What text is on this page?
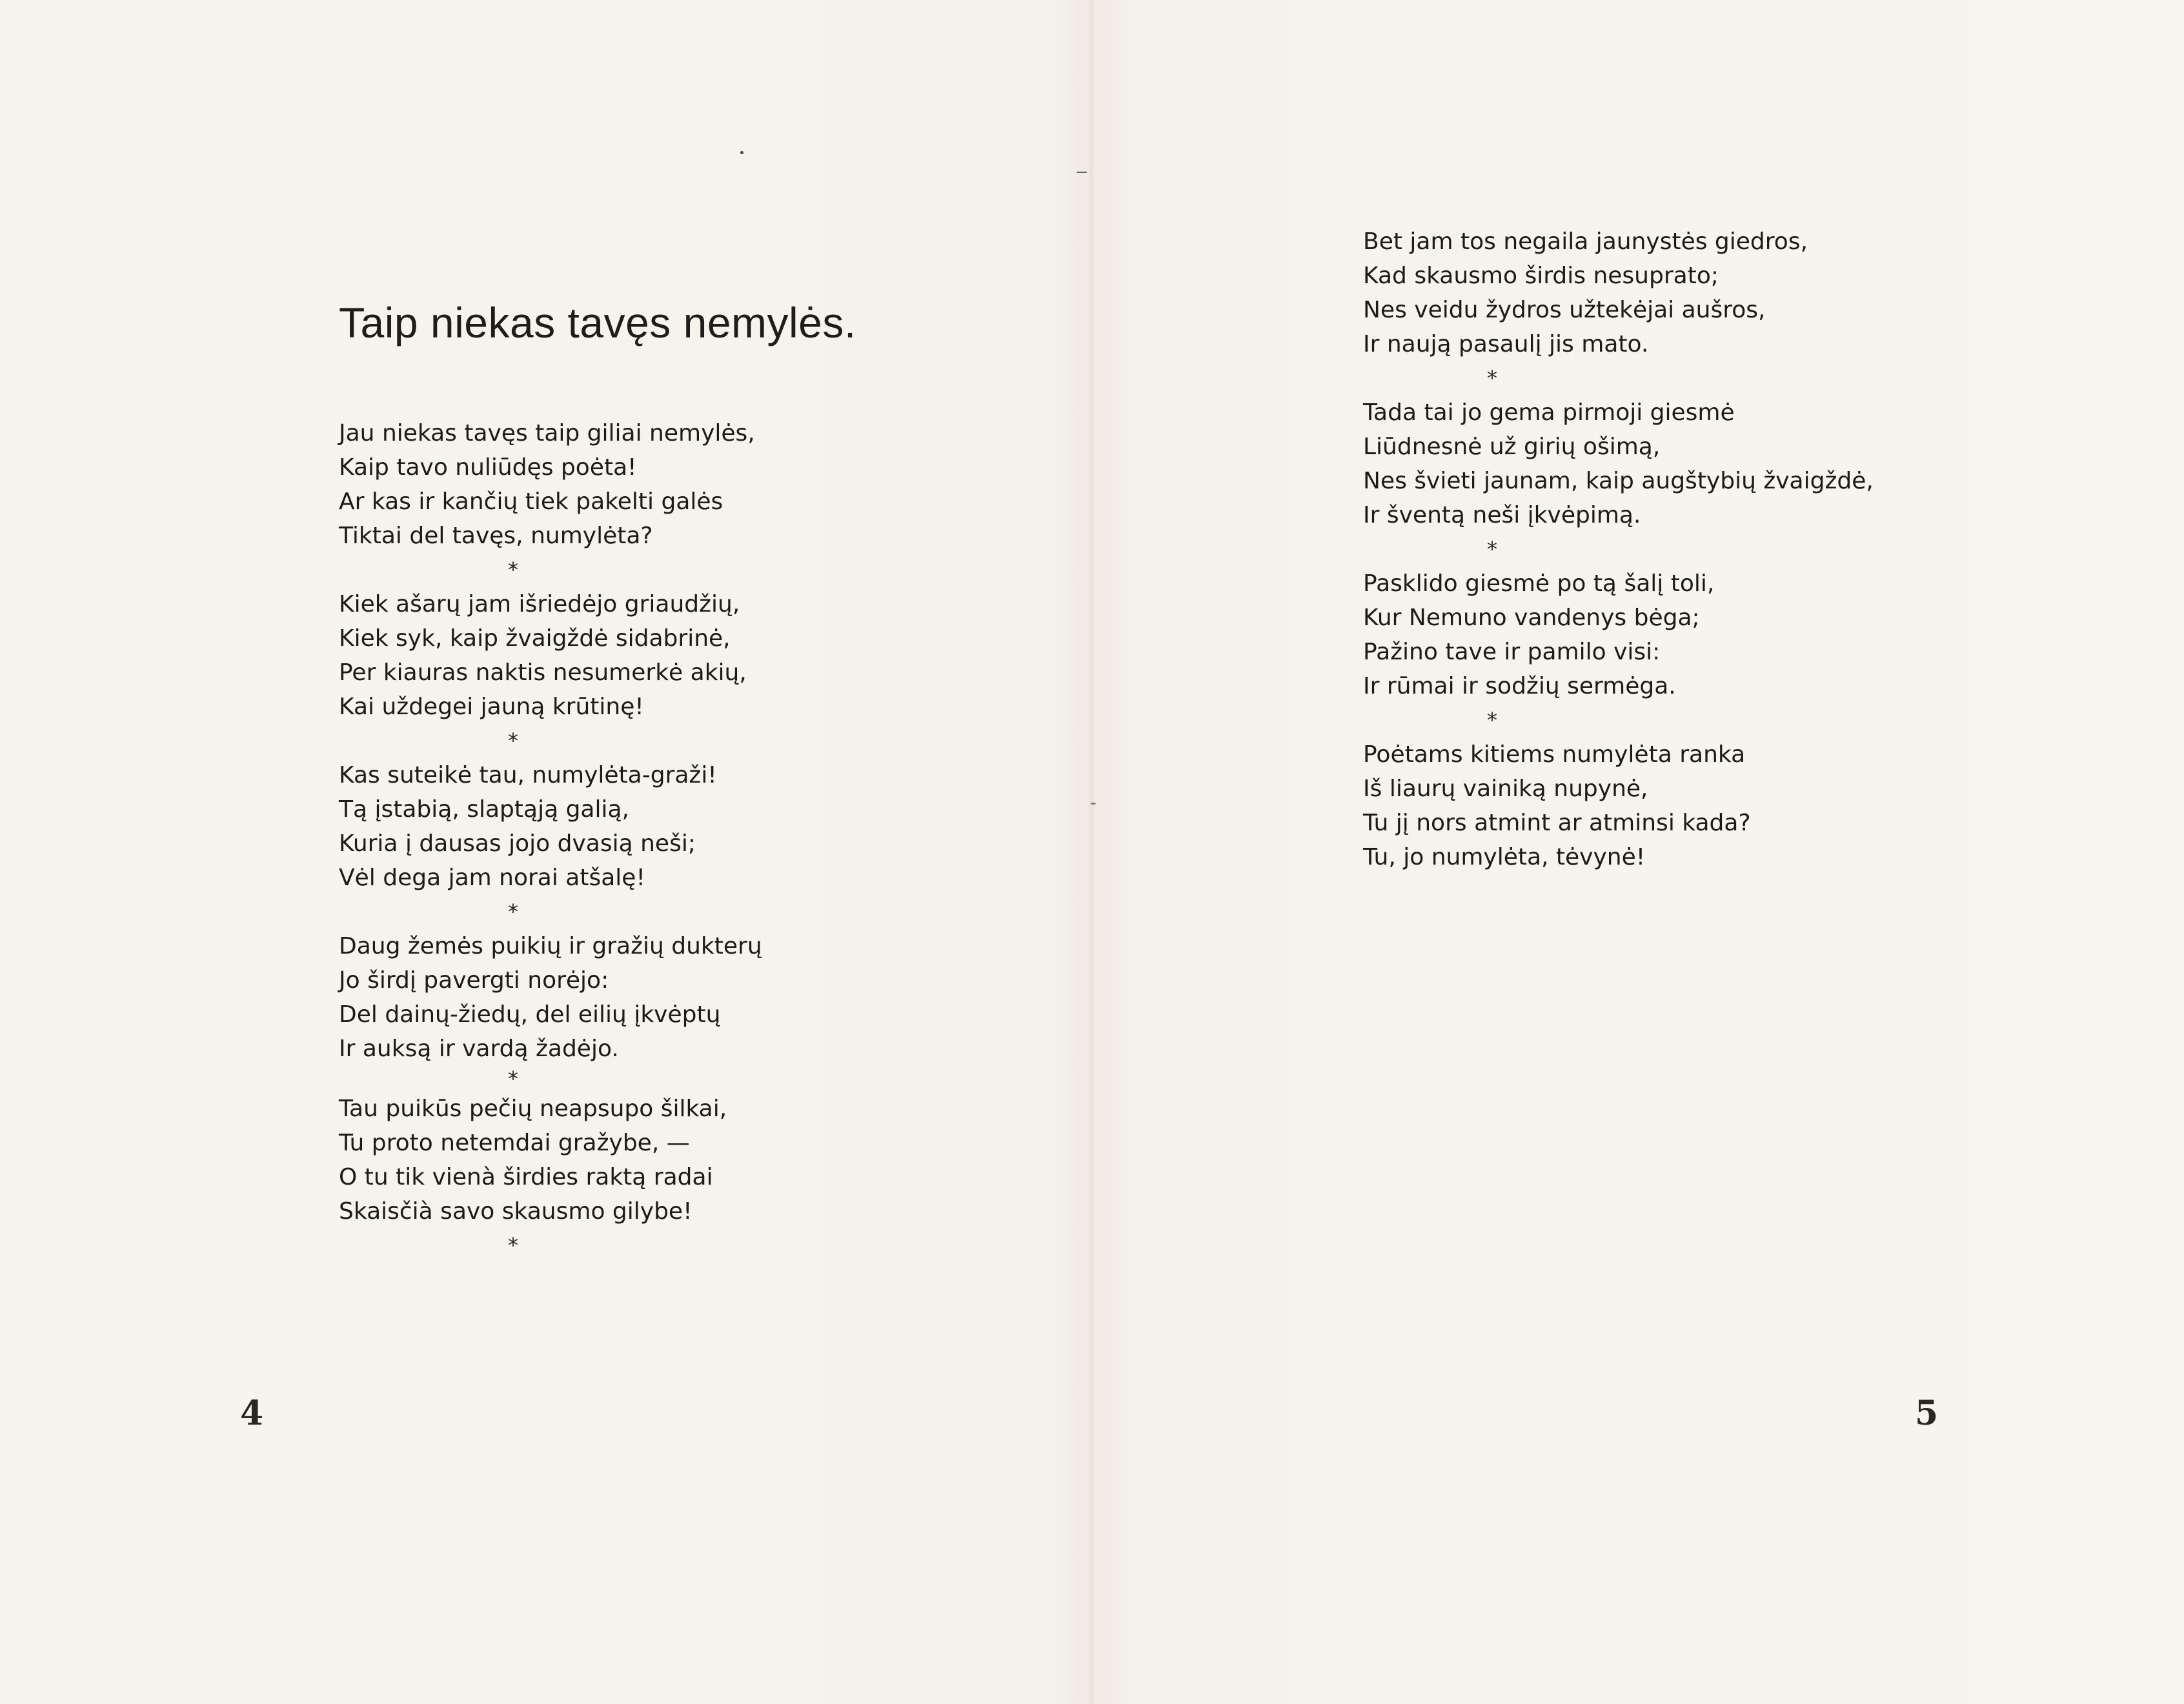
Taip niekas tavęs nemylės.
Jau niekas tavęs taip giliai nemylės,
Kaip tavo nuliūdęs poėta!
Ar kas ir kančių tiek pakelti galės
Tiktai del tavęs, numylėta?
*
Kiek ašarų jam išriedėjo griaudžių,
Kiek syk, kaip žvaigždė sidabrinė,
Per kiauras naktis nesumerkė akių,
Kai uždegei jauną krūtinę!
*
Kas suteikė tau, numylėta-graži!
Tą įstabią, slaptąją galią,
Kuria į dausas jojo dvasią neši;
Vėl dega jam norai atšalę!
*
Daug žemės puikių ir gražių dukterų
Jo širdį pavergti norėjo:
Del dainų-žiedų, del eilių įkvėptų
Ir auksą ir vardą žadėjo.
*
Tau puikūs pečių neapsupo šilkai,
Tu proto netemdai gražybe, —
O tu tik vienà širdies raktą radai
Skaisčià savo skausmo gilybe!
*
4
Bet jam tos negaila jaunystės giedros,
Kad skausmo širdis nesuprato;
Nes veidu žydros užtekėjai aušros,
Ir naują pasaulį jis mato.
*
Tada tai jo gema pirmoji giesmė
Liūdnesnė už girių ošimą,
Nes švieti jaunam, kaip augštybių žvaigždė,
Ir šventą neši įkvėpimą.
*
Pasklido giesmė po tą šalį toli,
Kur Nemuno vandenys bėga;
Pažino tave ir pamilo visi:
Ir rūmai ir sodžių sermėga.
*
Poėtams kitiems numylėta ranka
Iš liaurų vainiką nupynė,
Tu jį nors atmint ar atminsi kada?
Tu, jo numylėta, tėvynė!
5
